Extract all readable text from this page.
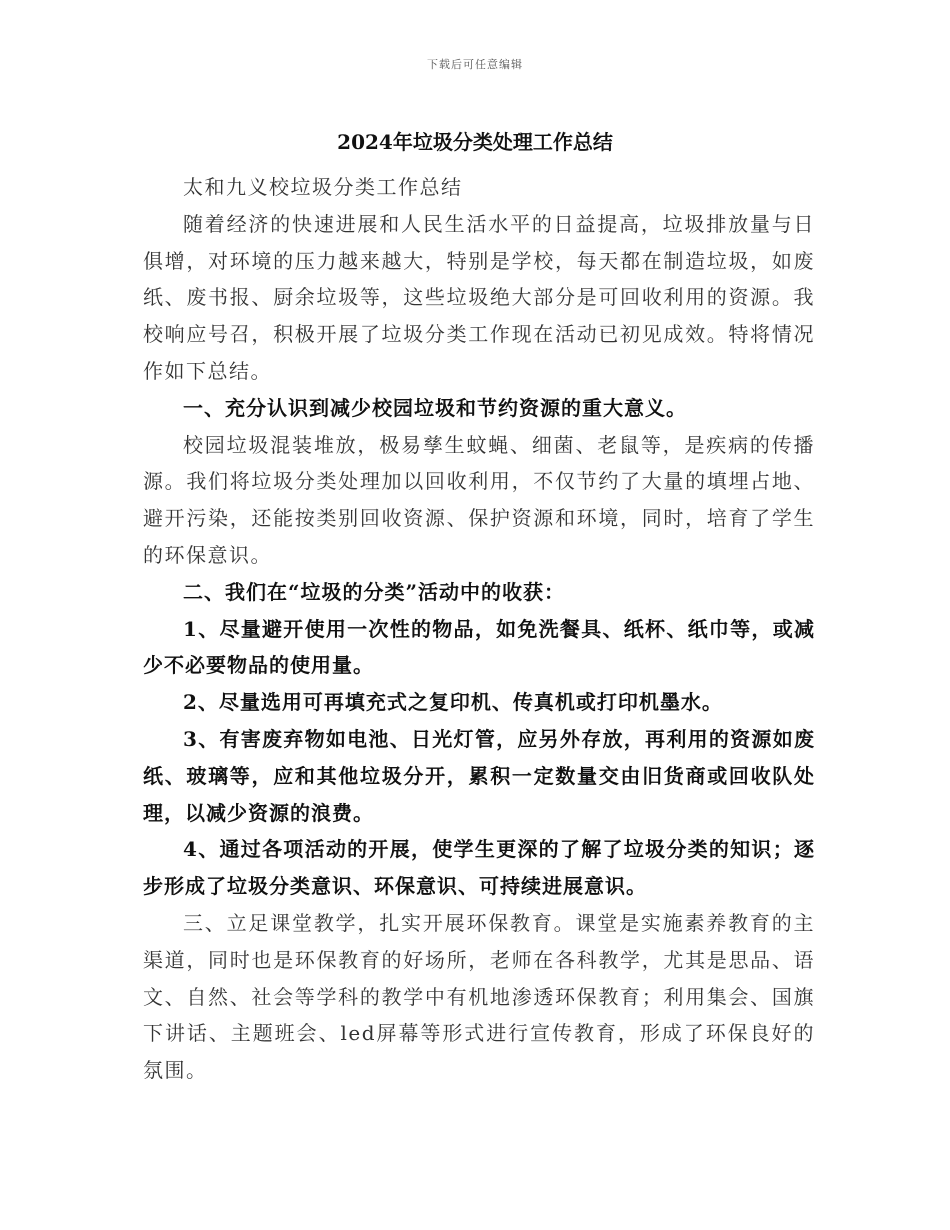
下载后可任意编辑
2024年垃圾分类处理工作总结

太和九义校垃圾分类工作总结

随着经济的快速进展和人民生活水平的日益提高，垃圾排放量与日俱增，对环境的压力越来越大，特别是学校，每天都在制造垃圾，如废纸、废书报、厨余垃圾等，这些垃圾绝大部分是可回收利用的资源。我校响应号召，积极开展了垃圾分类工作现在活动已初见成效。特将情况作如下总结。

一、充分认识到减少校园垃圾和节约资源的重大意义。

校园垃圾混装堆放，极易孳生蚊蝇、细菌、老鼠等，是疾病的传播源。我们将垃圾分类处理加以回收利用，不仅节约了大量的填埋占地、避开污染，还能按类别回收资源、保护资源和环境，同时，培育了学生的环保意识。

二、我们在“垃圾的分类”活动中的收获：

1、尽量避开使用一次性的物品，如免洗餐具、纸杯、纸巾等，或减少不必要物品的使用量。

2、尽量选用可再填充式之复印机、传真机或打印机墨水。

3、有害废弃物如电池、日光灯管，应另外存放，再利用的资源如废纸、玻璃等，应和其他垃圾分开，累积一定数量交由旧货商或回收队处理，以减少资源的浪费。

4、通过各项活动的开展，使学生更深的了解了垃圾分类的知识；逐步形成了垃圾分类意识、环保意识、可持续进展意识。

三、立足课堂教学，扎实开展环保教育。课堂是实施素养教育的主渠道，同时也是环保教育的好场所，老师在各科教学，尤其是思品、语文、自然、社会等学科的教学中有机地渗透环保教育；利用集会、国旗下讲话、主题班会、led屏幕等形式进行宣传教育，形成了环保良好的氛围。
